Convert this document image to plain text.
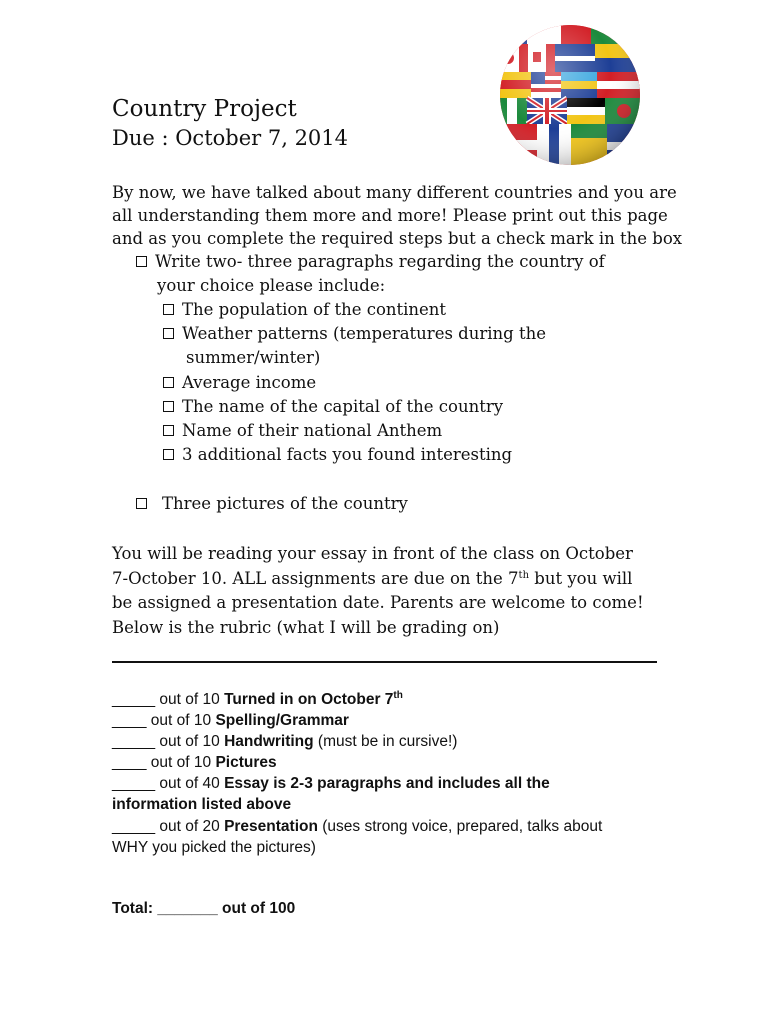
Country Project
Due : October 7, 2014
By now, we have talked about many different countries and you are
all understanding them more and more! Please print out this page
and as you complete the required steps but a check mark in the box
Write two- three paragraphs regarding the country of
your choice please include:
The population of the continent
Weather patterns (temperatures during the
summer/winter)
Average income
The name of the capital of the country
Name of their national Anthem
3 additional facts you found interesting
Three pictures of the country
You will be reading your essay in front of the class on October
7-October 10. ALL assignments are due on the 7th but you will
be assigned a presentation date. Parents are welcome to come!
Below is the rubric (what I will be grading on)
_____ out of 10 Turned in on October 7th
____ out of 10 Spelling/Grammar
_____ out of 10 Handwriting (must be in cursive!)
____ out of 10 Pictures
_____ out of 40 Essay is 2-3 paragraphs and includes all the
information listed above
_____ out of 20 Presentation (uses strong voice, prepared, talks about
WHY you picked the pictures)
Total: _______ out of 100
